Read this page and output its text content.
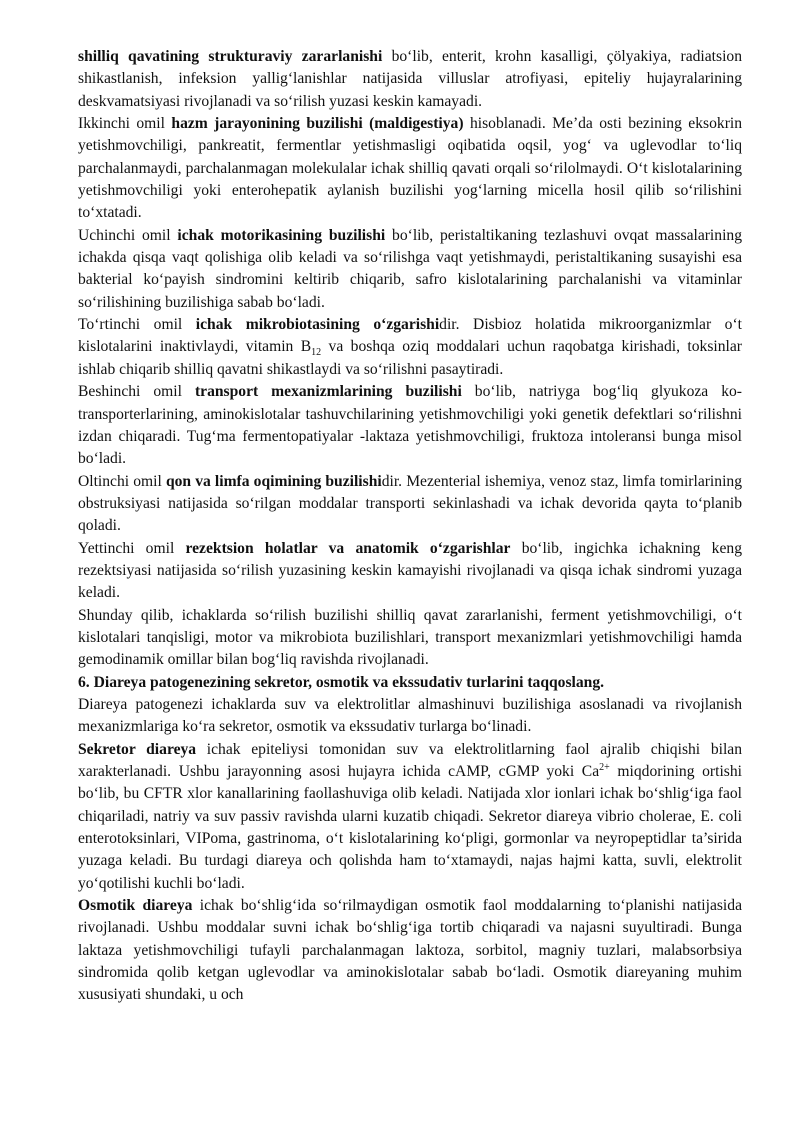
shilliq qavatining strukturaviy zararlanishi bo‘lib, enterit, krohn kasalligi, çölyakiya, radiatsion shikastlanish, infeksion yallig‘lanishlar natijasida villuslar atrofiyasi, epiteliy hujayralarining deskvamatsiyasi rivojlanadi va so‘rilish yuzasi keskin kamayadi.

Ikkinchi omil hazm jarayonining buzilishi (maldigestiya) hisoblanadi. Me’da osti bezining eksokrin yetishmovchiligi, pankreatit, fermentlar yetishmasligi oqibatida oqsil, yog‘ va uglevodlar to‘liq parchalanmaydi, parchalanmagan molekulalar ichak shilliq qavati orqali so‘rilolmaydi. O‘t kislotalarining yetishmovchiligi yoki enterohepatik aylanish buzilishi yog‘larning micella hosil qilib so‘rilishini to‘xtatadi.

Uchinchi omil ichak motorikasining buzilishi bo‘lib, peristaltikaning tezlashuvi ovqat massalarining ichakda qisqa vaqt qolishiga olib keladi va so‘rilishga vaqt yetishmaydi, peristaltikaning susayishi esa bakterial ko‘payish sindromini keltirib chiqarib, safro kislotalarining parchalanishi va vitaminlar so‘rilishining buzilishiga sabab bo‘ladi.

To‘rtinchi omil ichak mikrobiotasining o‘zgarishidir. Disbioz holatida mikroorganizmlar o‘t kislotalarini inaktivlaydi, vitamin $B_{12}$ va boshqa oziq moddalari uchun raqobatga kirishadi, toksinlar ishlab chiqarib shilliq qavatni shikastlaydi va so‘rilishni pasaytiradi.

Beshinchi omil transport mexanizmlarining buzilishi bo‘lib, natriyga bog‘liq glyukoza ko-transporterlarining, aminokislotalar tashuvchilarining yetishmovchiligi yoki genetik defektlari so‘rilishni izdan chiqaradi. Tug‘ma fermentopatiyalar -laktaza yetishmovchiligi, fruktoza intoleransi bunga misol bo‘ladi.

Oltinchi omil qon va limfa oqimining buzilishidir. Mezenterial ishemiya, venoz staz, limfa tomirlarining obstruksiyasi natijasida so‘rilgan moddalar transporti sekinlashadi va ichak devorida qayta to‘planib qoladi.

Yettinchi omil rezektsion holatlar va anatomik o‘zgarishlar bo‘lib, ingichka ichakning keng rezektsiyasi natijasida so‘rilish yuzasining keskin kamayishi rivojlanadi va qisqa ichak sindromi yuzaga keladi.

Shunday qilib, ichaklarda so‘rilish buzilishi shilliq qavat zararlanishi, ferment yetishmovchiligi, o‘t kislotalari tanqisligi, motor va mikrobiota buzilishlari, transport mexanizmlari yetishmovchiligi hamda gemodinamik omillar bilan bog‘liq ravishda rivojlanadi.

6. Diareya patogenezining sekretor, osmotik va ekssudativ turlarini taqqoslang.

Diareya patogenezi ichaklarda suv va elektrolitlar almashinuvi buzilishiga asoslanadi va rivojlanish mexanizmlariga ko‘ra sekretor, osmotik va ekssudativ turlarga bo‘linadi.

Sekretor diareya ichak epiteliysi tomonidan suv va elektrolitlarning faol ajralib chiqishi bilan xarakterlanadi. Ushbu jarayonning asosi hujayra ichida cAMP, cGMP yoki $Ca^{2+}$ miqdorining ortishi bo‘lib, bu CFTR xlor kanallarining faollashuviga olib keladi. Natijada xlor ionlari ichak bo‘shlig‘iga faol chiqariladi, natriy va suv passiv ravishda ularni kuzatib chiqadi. Sekretor diareya vibrio cholerae, E. coli enterotoksinlari, VIPoma, gastrinoma, o‘t kislotalarining ko‘pligi, gormonlar va neyropeptidlar ta’sirida yuzaga keladi. Bu turdagi diareya och qolishda ham to‘xtamaydi, najas hajmi katta, suvli, elektrolit yo‘qotilishi kuchli bo‘ladi.

Osmotik diareya ichak bo‘shlig‘ida so‘rilmaydigan osmotik faol moddalarning to‘planishi natijasida rivojlanadi. Ushbu moddalar suvni ichak bo‘shlig‘iga tortib chiqaradi va najasni suyultiradi. Bunga laktaza yetishmovchiligi tufayli parchalanmagan laktoza, sorbitol, magniy tuzlari, malabsorbsiya sindromida qolib ketgan uglevodlar va aminokislotalar sabab bo‘ladi. Osmotik diareyaning muhim xususiyati shundaki, u och
